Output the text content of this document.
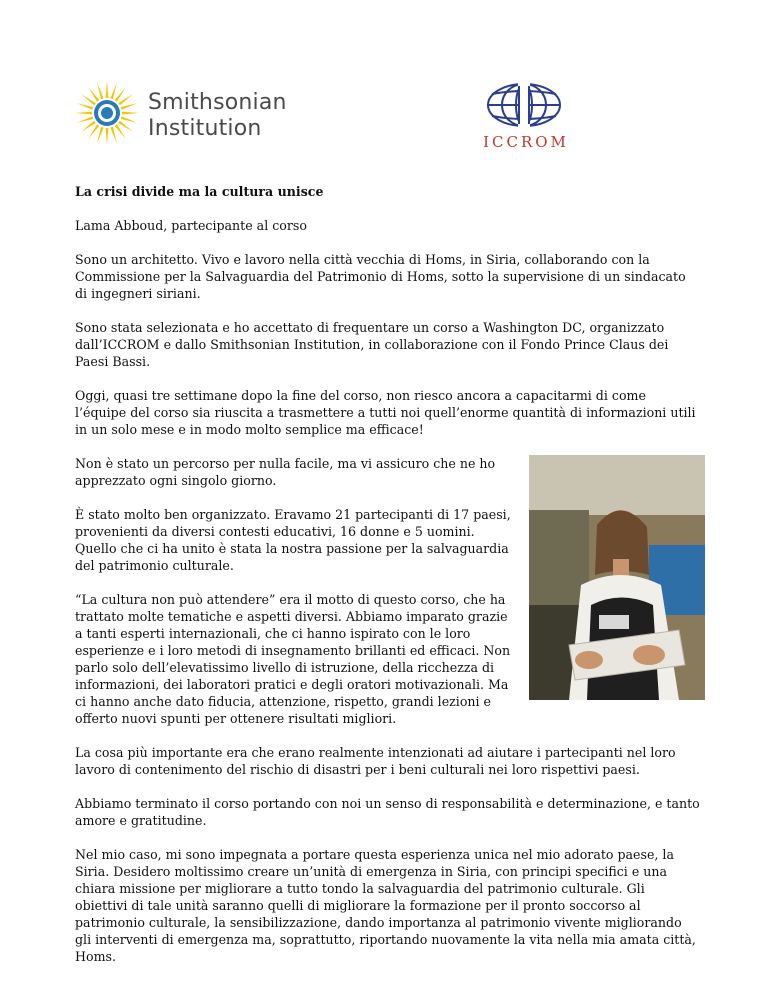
Smithsonian
Institution
ICCROM

La crisi divide ma la cultura unisce

Lama Abboud, partecipante al corso

Sono un architetto. Vivo e lavoro nella città vecchia di Homs, in Siria, collaborando con la Commissione per la Salvaguardia del Patrimonio di Homs, sotto la supervisione di un sindacato di ingegneri siriani.

Sono stata selezionata e ho accettato di frequentare un corso a Washington DC, organizzato dall’ICCROM e dallo Smithsonian Institution, in collaborazione con il Fondo Prince Claus dei Paesi Bassi.

Oggi, quasi tre settimane dopo la fine del corso, non riesco ancora a capacitarmi di come l’équipe del corso sia riuscita a trasmettere a tutti noi quell’enorme quantità di informazioni utili in un solo mese e in modo molto semplice ma efficace!

Non è stato un percorso per nulla facile, ma vi assicuro che ne ho apprezzato ogni singolo giorno.

È stato molto ben organizzato. Eravamo 21 partecipanti di 17 paesi, provenienti da diversi contesti educativi, 16 donne e 5 uomini. Quello che ci ha unito è stata la nostra passione per la salvaguardia del patrimonio culturale.

“La cultura non può attendere” era il motto di questo corso, che ha trattato molte tematiche e aspetti diversi. Abbiamo imparato grazie a tanti esperti internazionali, che ci hanno ispirato con le loro esperienze e i loro metodi di insegnamento brillanti ed efficaci. Non parlo solo dell’elevatissimo livello di istruzione, della ricchezza di informazioni, dei laboratori pratici e degli oratori motivazionali. Ma ci hanno anche dato fiducia, attenzione, rispetto, grandi lezioni e offerto nuovi spunti per ottenere risultati migliori.

La cosa più importante era che erano realmente intenzionati ad aiutare i partecipanti nel loro lavoro di contenimento del rischio di disastri per i beni culturali nei loro rispettivi paesi.

Abbiamo terminato il corso portando con noi un senso di responsabilità e determinazione, e tanto amore e gratitudine.

Nel mio caso, mi sono impegnata a portare questa esperienza unica nel mio adorato paese, la Siria. Desidero moltissimo creare un’unità di emergenza in Siria, con principi specifici e una chiara missione per migliorare a tutto tondo la salvaguardia del patrimonio culturale. Gli obiettivi di tale unità saranno quelli di migliorare la formazione per il pronto soccorso al patrimonio culturale, la sensibilizzazione, dando importanza al patrimonio vivente migliorando gli interventi di emergenza ma, soprattutto, riportando nuovamente la vita nella mia amata città, Homs.
